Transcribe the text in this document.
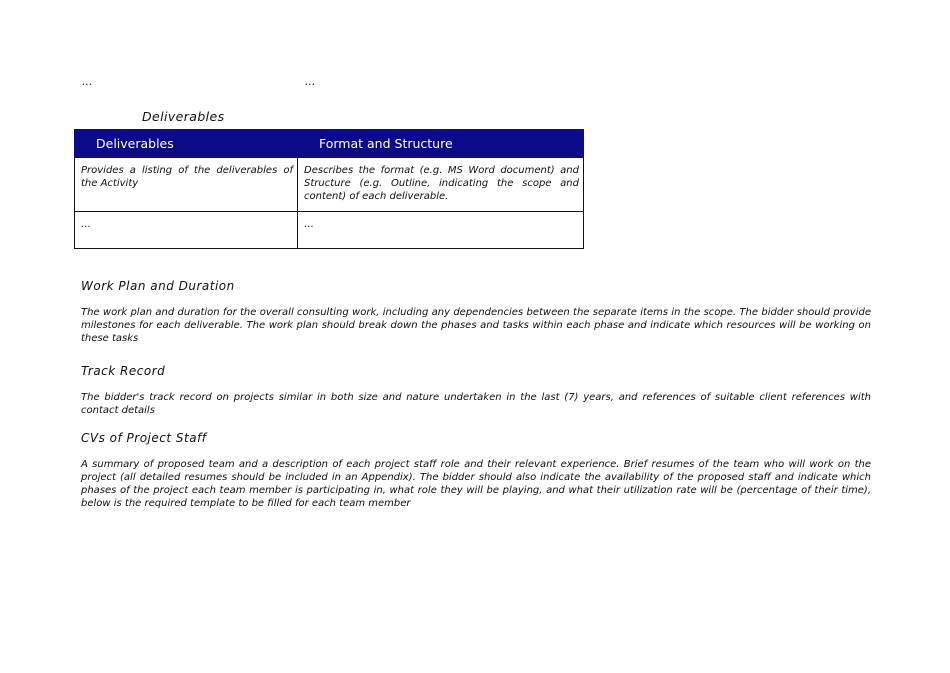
…	…
Deliverables
Deliverables	Format and Structure
Provides a listing of the deliverables of the Activity	Describes the format (e.g. MS Word document) and Structure (e.g. Outline, indicating the scope and content) of each deliverable.
…	…
Work Plan and Duration
The work plan and duration for the overall consulting work, including any dependencies between the separate items in the scope. The bidder should provide milestones for each deliverable. The work plan should break down the phases and tasks within each phase and indicate which resources will be working on these tasks
Track Record
The bidder's track record on projects similar in both size and nature undertaken in the last (7) years, and references of suitable client references with contact details
CVs of Project Staff
A summary of proposed team and a description of each project staff role and their relevant experience. Brief resumes of the team who will work on the project (all detailed resumes should be included in an Appendix). The bidder should also indicate the availability of the proposed staff and indicate which phases of the project each team member is participating in, what role they will be playing, and what their utilization rate will be (percentage of their time), below is the required template to be filled for each team member
